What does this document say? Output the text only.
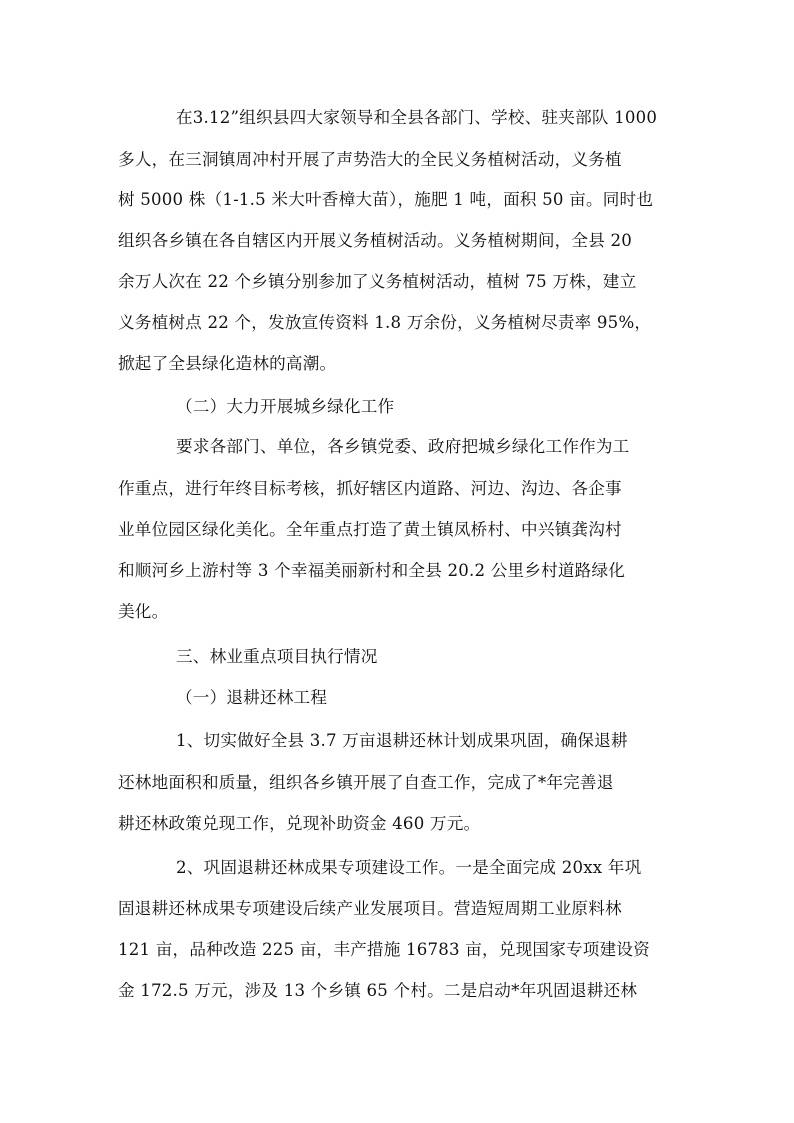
在3.12”组织县四大家领导和全县各部门、学校、驻夹部队 1000
多人，在三洞镇周冲村开展了声势浩大的全民义务植树活动，义务植
树 5000 株（1-1.5 米大叶香樟大苗），施肥 1 吨，面积 50 亩。同时也
组织各乡镇在各自辖区内开展义务植树活动。义务植树期间，全县 20
余万人次在 22 个乡镇分别参加了义务植树活动，植树 75 万株，建立
义务植树点 22 个，发放宣传资料 1.8 万余份，义务植树尽责率 95%，
掀起了全县绿化造林的高潮。
（二）大力开展城乡绿化工作
要求各部门、单位，各乡镇党委、政府把城乡绿化工作作为工
作重点，进行年终目标考核，抓好辖区内道路、河边、沟边、各企事
业单位园区绿化美化。全年重点打造了黄土镇凤桥村、中兴镇龚沟村
和顺河乡上游村等 3 个幸福美丽新村和全县 20.2 公里乡村道路绿化
美化。
三、林业重点项目执行情况
（一）退耕还林工程
1、切实做好全县 3.7 万亩退耕还林计划成果巩固，确保退耕
还林地面积和质量，组织各乡镇开展了自查工作，完成了*年完善退
耕还林政策兑现工作，兑现补助资金 460 万元。
2、巩固退耕还林成果专项建设工作。一是全面完成 20xx 年巩
固退耕还林成果专项建设后续产业发展项目。营造短周期工业原料林
121 亩，品种改造 225 亩，丰产措施 16783 亩，兑现国家专项建设资
金 172.5 万元，涉及 13 个乡镇 65 个村。二是启动*年巩固退耕还林
